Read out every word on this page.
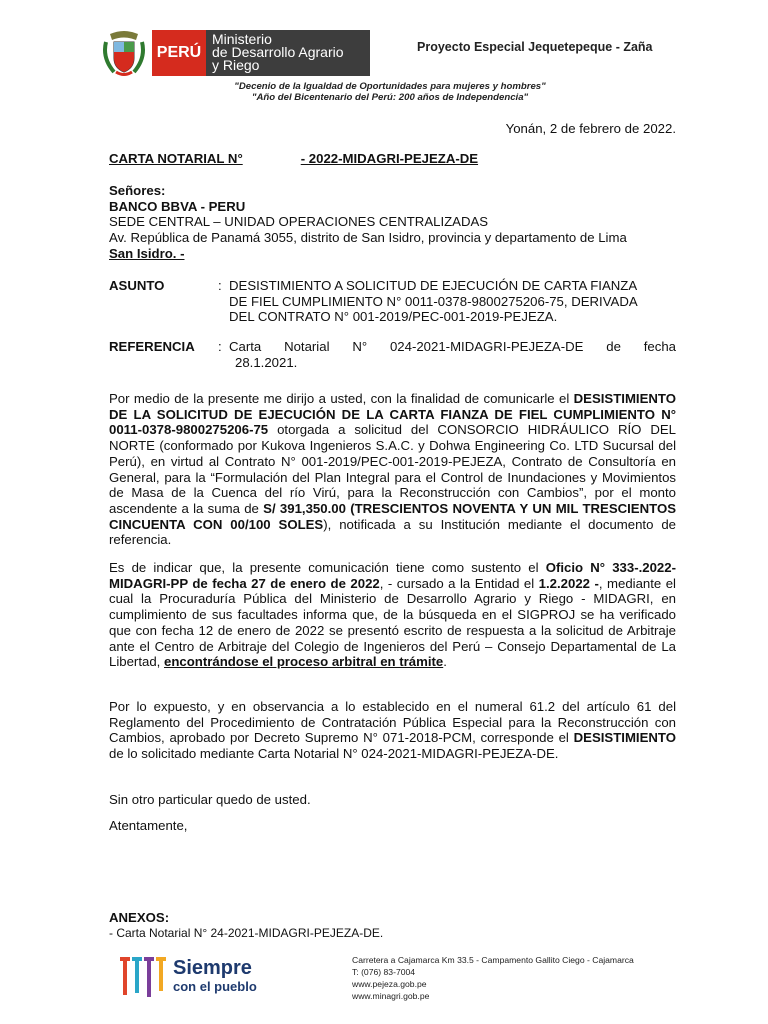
PERÚ
Ministerio
de Desarrollo Agrario
y Riego
Proyecto Especial Jequetepeque - Zaña
"Decenio de la Igualdad de Oportunidades para mujeres y hombres"
"Año del Bicentenario del Perú: 200 años de Independencia"
Yonán, 2 de febrero de 2022.
CARTA NOTARIAL N°	- 2022-MIDAGRI-PEJEZA-DE
Señores:
BANCO BBVA - PERU
SEDE CENTRAL – UNIDAD OPERACIONES CENTRALIZADAS
Av. República de Panamá 3055, distrito de San Isidro, provincia y departamento de Lima
San Isidro. -
ASUNTO	: DESISTIMIENTO A SOLICITUD DE EJECUCIÓN DE CARTA FIANZA
DE FIEL CUMPLIMIENTO N° 0011-0378-9800275206-75, DERIVADA
DEL CONTRATO N° 001-2019/PEC-001-2019-PEJEZA.
REFERENCIA : Carta Notarial N° 024-2021-MIDAGRI-PEJEZA-DE de fecha
28.1.2021.
Por medio de la presente me dirijo a usted, con la finalidad de comunicarle el DESISTIMIENTO DE LA SOLICITUD DE EJECUCIÓN DE LA CARTA FIANZA DE FIEL CUMPLIMIENTO N° 0011-0378-9800275206-75 otorgada a solicitud del CONSORCIO HIDRÁULICO RÍO DEL NORTE (conformado por Kukova Ingenieros S.A.C. y Dohwa Engineering Co. LTD Sucursal del Perú), en virtud al Contrato N° 001-2019/PEC-001-2019-PEJEZA, Contrato de Consultoría en General, para la “Formulación del Plan Integral para el Control de Inundaciones y Movimientos de Masa de la Cuenca del río Virú, para la Reconstrucción con Cambios”, por el monto ascendente a la suma de S/ 391,350.00 (TRESCIENTOS NOVENTA Y UN MIL TRESCIENTOS CINCUENTA CON 00/100 SOLES), notificada a su Institución mediante el documento de referencia.
Es de indicar que, la presente comunicación tiene como sustento el Oficio N° 333-.2022-MIDAGRI-PP de fecha 27 de enero de 2022, - cursado a la Entidad el 1.2.2022 -, mediante el cual la Procuraduría Pública del Ministerio de Desarrollo Agrario y Riego - MIDAGRI, en cumplimiento de sus facultades informa que, de la búsqueda en el SIGPROJ se ha verificado que con fecha 12 de enero de 2022 se presentó escrito de respuesta a la solicitud de Arbitraje ante el Centro de Arbitraje del Colegio de Ingenieros del Perú – Consejo Departamental de La Libertad, encontrándose el proceso arbitral en trámite.
Por lo expuesto, y en observancia a lo establecido en el numeral 61.2 del artículo 61 del Reglamento del Procedimiento de Contratación Pública Especial para la Reconstrucción con Cambios, aprobado por Decreto Supremo N° 071-2018-PCM, corresponde el DESISTIMIENTO de lo solicitado mediante Carta Notarial N° 024-2021-MIDAGRI-PEJEZA-DE.
Sin otro particular quedo de usted.
Atentamente,
ANEXOS:
- Carta Notarial N° 24-2021-MIDAGRI-PEJEZA-DE.
Siempre
con el pueblo
Carretera a Cajamarca Km 33.5 - Campamento Gallito Ciego - Cajamarca
T: (076) 83-7004
www.pejeza.gob.pe
www.minagri.gob.pe
